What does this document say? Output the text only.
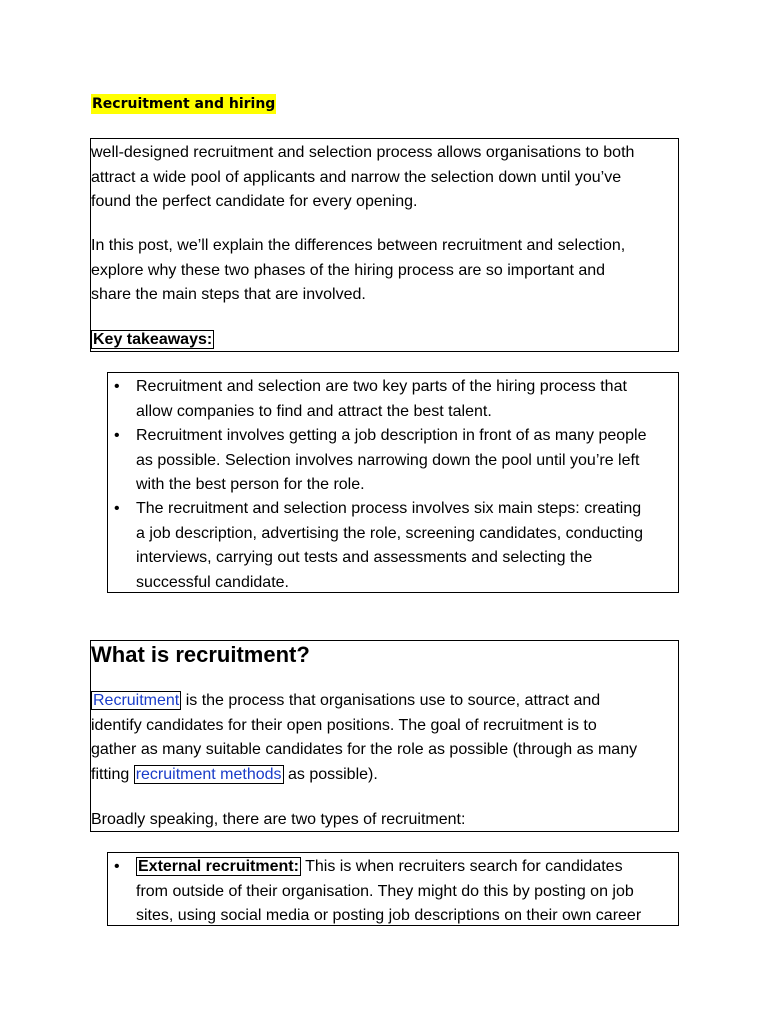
Recruitment and hiring
well-designed recruitment and selection process allows organisations to both
attract a wide pool of applicants and narrow the selection down until you’ve
found the perfect candidate for every opening.
In this post, we’ll explain the differences between recruitment and selection,
explore why these two phases of the hiring process are so important and
share the main steps that are involved.
Key takeaways:
• Recruitment and selection are two key parts of the hiring process that
allow companies to find and attract the best talent.
• Recruitment involves getting a job description in front of as many people
as possible. Selection involves narrowing down the pool until you’re left
with the best person for the role.
• The recruitment and selection process involves six main steps: creating
a job description, advertising the role, screening candidates, conducting
interviews, carrying out tests and assessments and selecting the
successful candidate.
What is recruitment?
Recruitment is the process that organisations use to source, attract and
identify candidates for their open positions. The goal of recruitment is to
gather as many suitable candidates for the role as possible (through as many
fitting recruitment methods as possible).
Broadly speaking, there are two types of recruitment:
• External recruitment: This is when recruiters search for candidates
from outside of their organisation. They might do this by posting on job
sites, using social media or posting job descriptions on their own career
